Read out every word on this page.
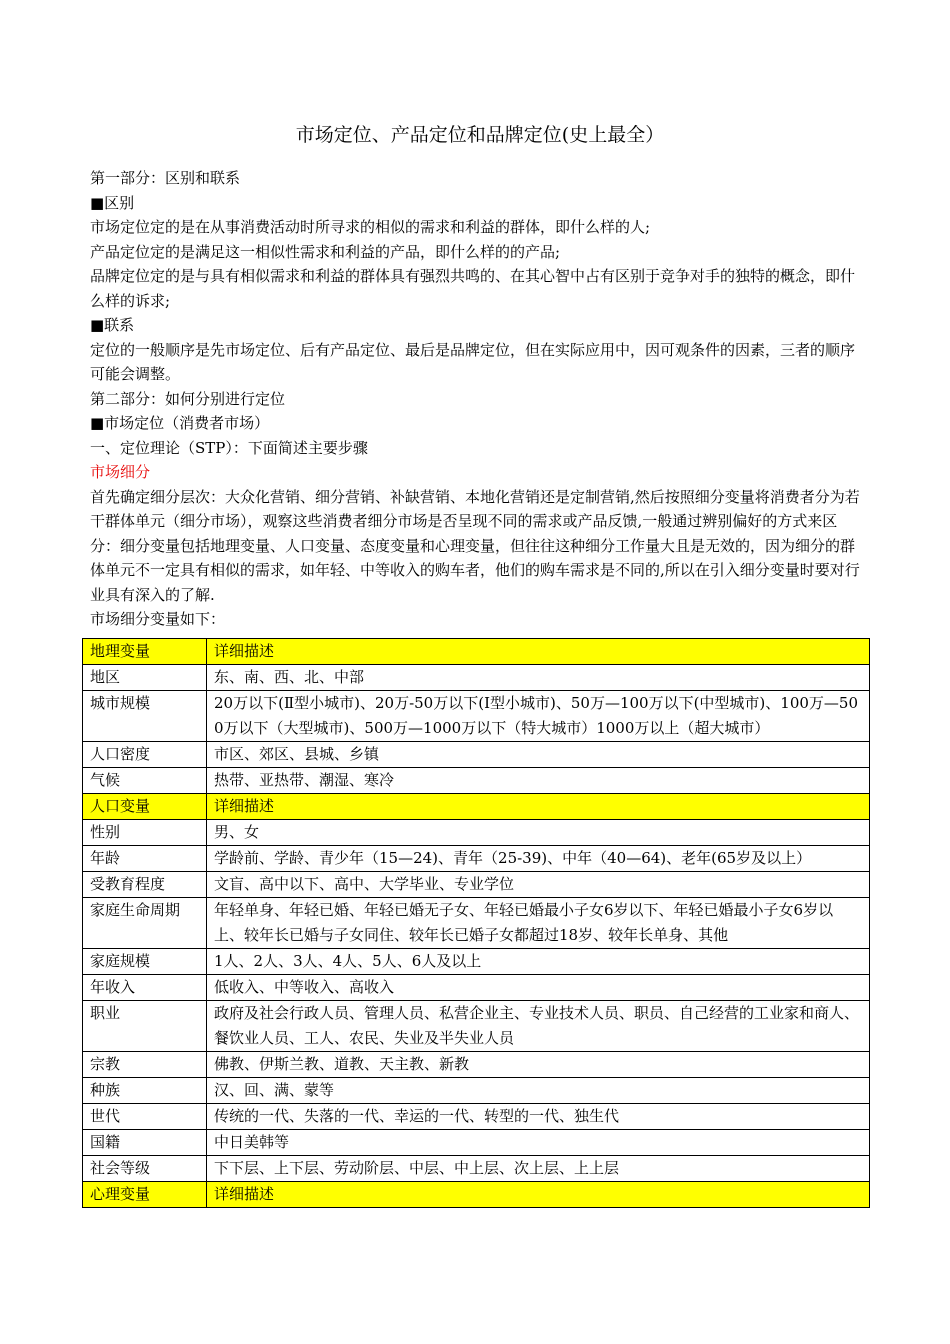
市场定位、产品定位和品牌定位(史上最全）

第一部分：区别和联系

■区别

市场定位定的是在从事消费活动时所寻求的相似的需求和利益的群体，即什么样的人;

产品定位定的是满足这一相似性需求和利益的产品，即什么样的的产品;

品牌定位定的是与具有相似需求和利益的群体具有强烈共鸣的、在其心智中占有区别于竞争对手的独特的概念，即什么样的诉求;

■联系

定位的一般顺序是先市场定位、后有产品定位、最后是品牌定位，但在实际应用中，因可观条件的因素，三者的顺序可能会调整。

第二部分：如何分别进行定位

■市场定位（消费者市场）

一、定位理论（STP）：下面简述主要步骤

市场细分

首先确定细分层次：大众化营销、细分营销、补缺营销、本地化营销还是定制营销,然后按照细分变量将消费者分为若干群体单元（细分市场），观察这些消费者细分市场是否呈现不同的需求或产品反馈,一般通过辨别偏好的方式来区分：细分变量包括地理变量、人口变量、态度变量和心理变量，但往往这种细分工作量大且是无效的，因为细分的群体单元不一定具有相似的需求，如年轻、中等收入的购车者，他们的购车需求是不同的,所以在引入细分变量时要对行业具有深入的了解.

市场细分变量如下：

地理变量	详细描述
地区	东、南、西、北、中部
城市规模	20万以下(Ⅱ型小城市)、20万-50万以下(Ⅰ型小城市)、50万—100万以下(中型城市)、100万—500万以下（大型城市)、500万—1000万以下（特大城市）1000万以上（超大城市）
人口密度	市区、郊区、县城、乡镇
气候	热带、亚热带、潮湿、寒冷
人口变量	详细描述
性别	男、女
年龄	学龄前、学龄、青少年（15—24)、青年（25-39)、中年（40—64)、老年(65岁及以上）
受教育程度	文盲、高中以下、高中、大学毕业、专业学位
家庭生命周期	年轻单身、年轻已婚、年轻已婚无子女、年轻已婚最小子女6岁以下、年轻已婚最小子女6岁以上、较年长已婚与子女同住、较年长已婚子女都超过18岁、较年长单身、其他
家庭规模	1人、2人、3人、4人、5人、6人及以上
年收入	低收入、中等收入、高收入
职业	政府及社会行政人员、管理人员、私营企业主、专业技术人员、职员、自己经营的工业家和商人、餐饮业人员、工人、农民、失业及半失业人员
宗教	佛教、伊斯兰教、道教、天主教、新教
种族	汉、回、满、蒙等
世代	传统的一代、失落的一代、幸运的一代、转型的一代、独生代
国籍	中日美韩等
社会等级	下下层、上下层、劳动阶层、中层、中上层、次上层、上上层
心理变量	详细描述
